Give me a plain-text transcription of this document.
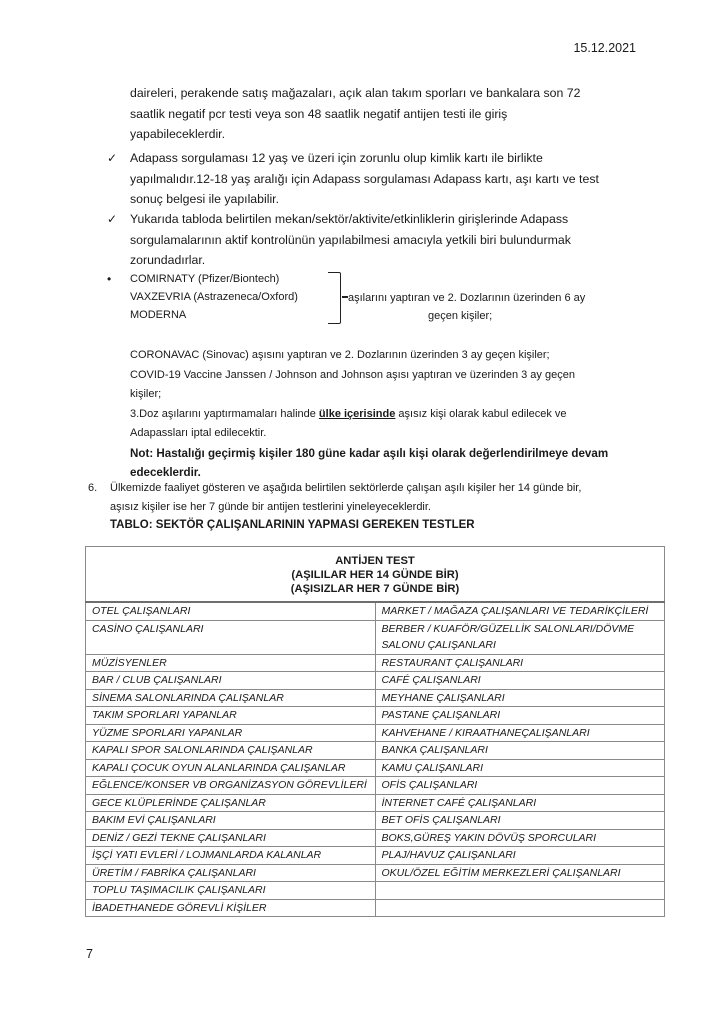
15.12.2021
daireleri, perakende satış mağazaları, açık alan takım sporları ve bankalara son 72
saatlik negatif pcr testi veya son 48 saatlik negatif antijen testi ile giriş
yapabileceklerdir.
✓ Adapass sorgulaması 12 yaş ve üzeri için zorunlu olup kimlik kartı ile birlikte
yapılmalıdır.12-18 yaş aralığı için Adapass sorgulaması Adapass kartı, aşı kartı ve test
sonuç belgesi ile yapılabilir.
✓ Yukarıda tabloda belirtilen mekan/sektör/aktivite/etkinliklerin girişlerinde Adapass
sorgulamalarının aktif kontrolünün yapılabilmesi amacıyla yetkili biri bulundurmak
zorundadırlar.
• COMIRNATY (Pfizer/Biontech)
VAXZEVRIA (Astrazeneca/Oxford)
MODERNA
aşılarını yaptıran ve 2. Dozlarının üzerinden 6 ay
geçen kişiler;
CORONAVAC (Sinovac) aşısını yaptıran ve 2. Dozlarının üzerinden 3 ay geçen kişiler;
COVID-19 Vaccine Janssen / Johnson and Johnson aşısı yaptıran ve üzerinden 3 ay geçen
kişiler;
3.Doz aşılarını yaptırmamaları halinde ülke içerisinde aşısız kişi olarak kabul edilecek ve
Adapassları iptal edilecektir.
Not: Hastalığı geçirmiş kişiler 180 güne kadar aşılı kişi olarak değerlendirilmeye devam
edeceklerdir.
6. Ülkemizde faaliyet gösteren ve aşağıda belirtilen sektörlerde çalışan aşılı kişiler her 14 günde bir,
aşısız kişiler ise her 7 günde bir antijen testlerini yineleyeceklerdir.
TABLO: SEKTÖR ÇALIŞANLARININ YAPMASI GEREKEN TESTLER
ANTİJEN TEST
(AŞILILAR HER 14 GÜNDE BİR)
(AŞISIZLAR HER 7 GÜNDE BİR)	

OTEL ÇALIŞANLARI	MARKET / MAĞAZA ÇALIŞANLARI VE TEDARİKÇİLERİ
CASİNO ÇALIŞANLARI	BERBER / KUAFÖR/GÜZELLİK SALONLARI/DÖVME SALONU ÇALIŞANLARI
MÜZİSYENLER	RESTAURANT ÇALIŞANLARI
BAR / CLUB ÇALIŞANLARI	CAFÉ ÇALIŞANLARI
SİNEMA SALONLARINDA ÇALIŞANLAR	MEYHANE ÇALIŞANLARI
TAKIM SPORLARI YAPANLAR	PASTANE ÇALIŞANLARI
YÜZME SPORLARI YAPANLAR	KAHVEHANE / KIRAATHANEÇALIŞANLARI
KAPALI SPOR SALONLARINDA ÇALIŞANLAR	BANKA ÇALIŞANLARI
KAPALI ÇOCUK OYUN ALANLARINDA ÇALIŞANLAR	KAMU ÇALIŞANLARI
EĞLENCE/KONSER VB ORGANİZASYON GÖREVLİLERİ	OFİS ÇALIŞANLARI
GECE KLÜPLERİNDE ÇALIŞANLAR	İNTERNET CAFÉ ÇALIŞANLARI
BAKIM EVİ ÇALIŞANLARI	BET OFİS ÇALIŞANLARI
DENİZ / GEZİ TEKNE ÇALIŞANLARI	BOKS,GÜREŞ YAKIN DÖVÜŞ SPORCULARI
İŞÇİ YATI EVLERİ / LOJMANLARDA KALANLAR	PLAJ/HAVUZ ÇALIŞANLARI
ÜRETİM / FABRİKA ÇALIŞANLARI	OKUL/ÖZEL EĞİTİM MERKEZLERİ ÇALIŞANLARI
TOPLU TAŞIMACILIK ÇALIŞANLARI	
İBADETHANEDE GÖREVLİ KİŞİLER	
7
